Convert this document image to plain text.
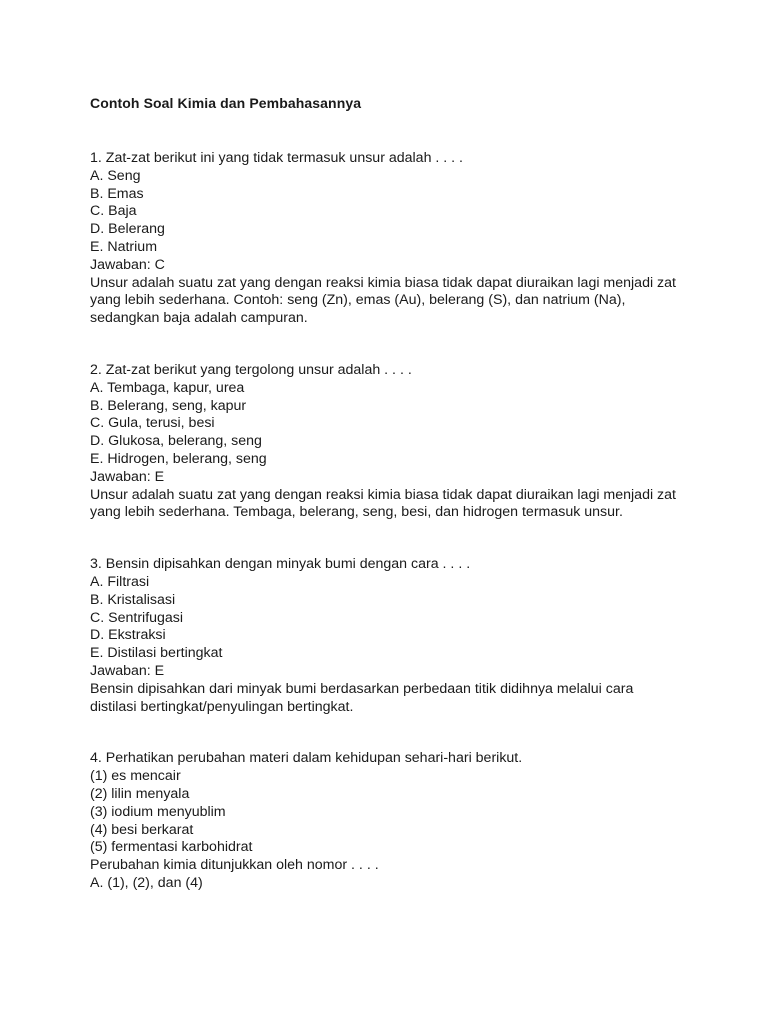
Contoh Soal Kimia dan Pembahasannya
1. Zat-zat berikut ini yang tidak termasuk unsur adalah . . . .
A. Seng
B. Emas
C. Baja
D. Belerang
E. Natrium
Jawaban: C
Unsur adalah suatu zat yang dengan reaksi kimia biasa tidak dapat diuraikan lagi menjadi zat yang lebih sederhana. Contoh: seng (Zn), emas (Au), belerang (S), dan natrium (Na), sedangkan baja adalah campuran.
2. Zat-zat berikut yang tergolong unsur adalah . . . .
A. Tembaga, kapur, urea
B. Belerang, seng, kapur
C. Gula, terusi, besi
D. Glukosa, belerang, seng
E. Hidrogen, belerang, seng
Jawaban: E
Unsur adalah suatu zat yang dengan reaksi kimia biasa tidak dapat diuraikan lagi menjadi zat yang lebih sederhana. Tembaga, belerang, seng, besi, dan hidrogen termasuk unsur.
3. Bensin dipisahkan dengan minyak bumi dengan cara . . . .
A. Filtrasi
B. Kristalisasi
C. Sentrifugasi
D. Ekstraksi
E. Distilasi bertingkat
Jawaban: E
Bensin dipisahkan dari minyak bumi berdasarkan perbedaan titik didihnya melalui cara distilasi bertingkat/penyulingan bertingkat.
4. Perhatikan perubahan materi dalam kehidupan sehari-hari berikut.
(1) es mencair
(2) lilin menyala
(3) iodium menyublim
(4) besi berkarat
(5) fermentasi karbohidrat
Perubahan kimia ditunjukkan oleh nomor . . . .
A. (1), (2), dan (4)
